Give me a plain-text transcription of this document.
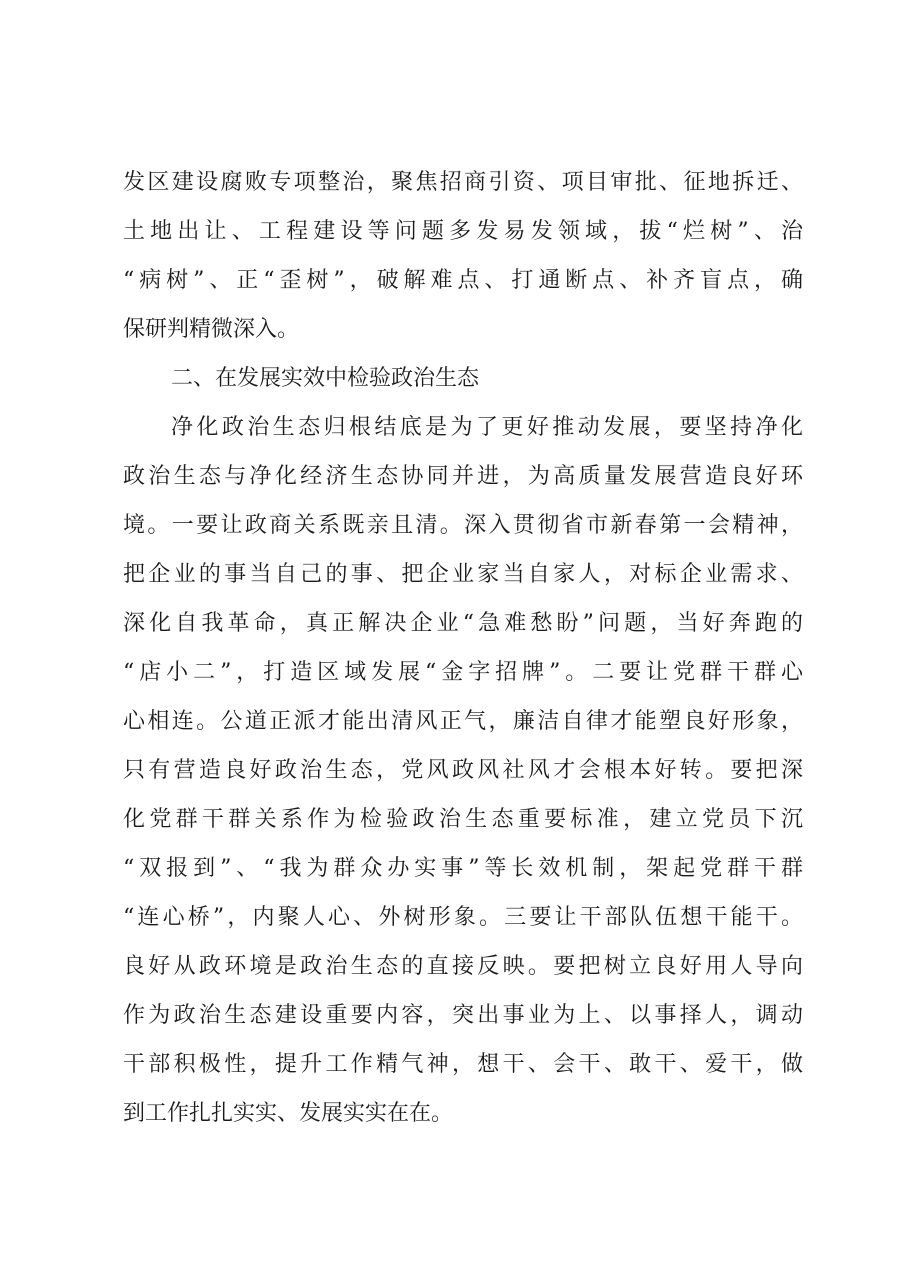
发区建设腐败专项整治，聚焦招商引资、项目审批、征地拆迁、
土地出让、工程建设等问题多发易发领域，拔“烂树”、治
“病树”、正“歪树”，破解难点、打通断点、补齐盲点，确
保研判精微深入。
二、在发展实效中检验政治生态
净化政治生态归根结底是为了更好推动发展，要坚持净化
政治生态与净化经济生态协同并进，为高质量发展营造良好环
境。一要让政商关系既亲且清。深入贯彻省市新春第一会精神，
把企业的事当自己的事、把企业家当自家人，对标企业需求、
深化自我革命，真正解决企业“急难愁盼”问题，当好奔跑的
“店小二”，打造区域发展“金字招牌”。二要让党群干群心
心相连。公道正派才能出清风正气，廉洁自律才能塑良好形象，
只有营造良好政治生态，党风政风社风才会根本好转。要把深
化党群干群关系作为检验政治生态重要标准，建立党员下沉
“双报到”、“我为群众办实事”等长效机制，架起党群干群
“连心桥”，内聚人心、外树形象。三要让干部队伍想干能干。
良好从政环境是政治生态的直接反映。要把树立良好用人导向
作为政治生态建设重要内容，突出事业为上、以事择人，调动
干部积极性，提升工作精气神，想干、会干、敢干、爱干，做
到工作扎扎实实、发展实实在在。
